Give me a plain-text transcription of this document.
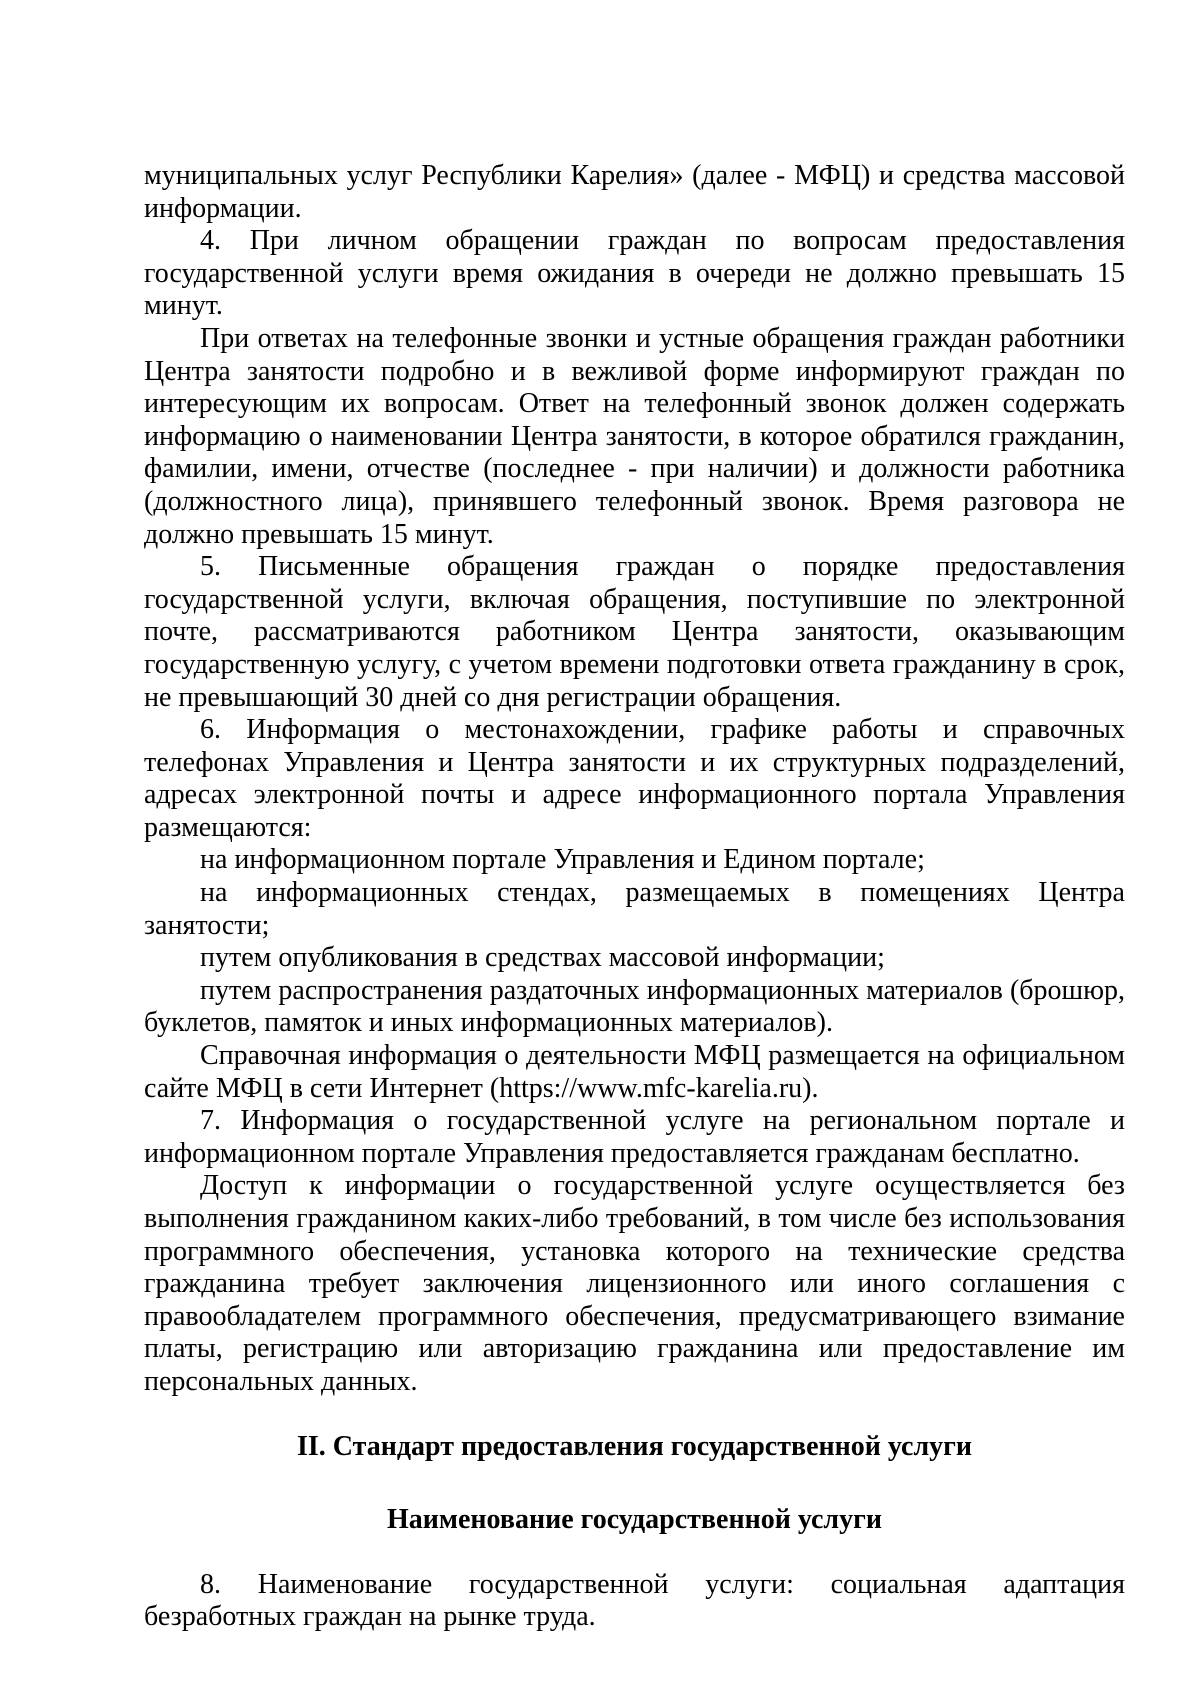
муниципальных услуг Республики Карелия» (далее - МФЦ) и средства массовой информации.

4. При личном обращении граждан по вопросам предоставления государственной услуги время ожидания в очереди не должно превышать 15 минут.

При ответах на телефонные звонки и устные обращения граждан работники Центра занятости подробно и в вежливой форме информируют граждан по интересующим их вопросам. Ответ на телефонный звонок должен содержать информацию о наименовании Центра занятости, в которое обратился гражданин, фамилии, имени, отчестве (последнее - при наличии) и должности работника (должностного лица), принявшего телефонный звонок. Время разговора не должно превышать 15 минут.

5. Письменные обращения граждан о порядке предоставления государственной услуги, включая обращения, поступившие по электронной почте, рассматриваются работником Центра занятости, оказывающим государственную услугу, с учетом времени подготовки ответа гражданину в срок, не превышающий 30 дней со дня регистрации обращения.

6. Информация о местонахождении, графике работы и справочных телефонах Управления и Центра занятости и их структурных подразделений, адресах электронной почты и адресе информационного портала Управления размещаются:

на информационном портале Управления и Едином портале;

на информационных стендах, размещаемых в помещениях Центра занятости;

путем опубликования в средствах массовой информации;

путем распространения раздаточных информационных материалов (брошюр, буклетов, памяток и иных информационных материалов).

Справочная информация о деятельности МФЦ размещается на официальном сайте МФЦ в сети Интернет (https://www.mfc-karelia.ru).

7. Информация о государственной услуге на региональном портале и информационном портале Управления предоставляется гражданам бесплатно.

Доступ к информации о государственной услуге осуществляется без выполнения гражданином каких-либо требований, в том числе без использования программного обеспечения, установка которого на технические средства гражданина требует заключения лицензионного или иного соглашения с правообладателем программного обеспечения, предусматривающего взимание платы, регистрацию или авторизацию гражданина или предоставление им персональных данных.

II. Стандарт предоставления государственной услуги
Наименование государственной услуги

8. Наименование государственной услуги: социальная адаптация безработных граждан на рынке труда.
